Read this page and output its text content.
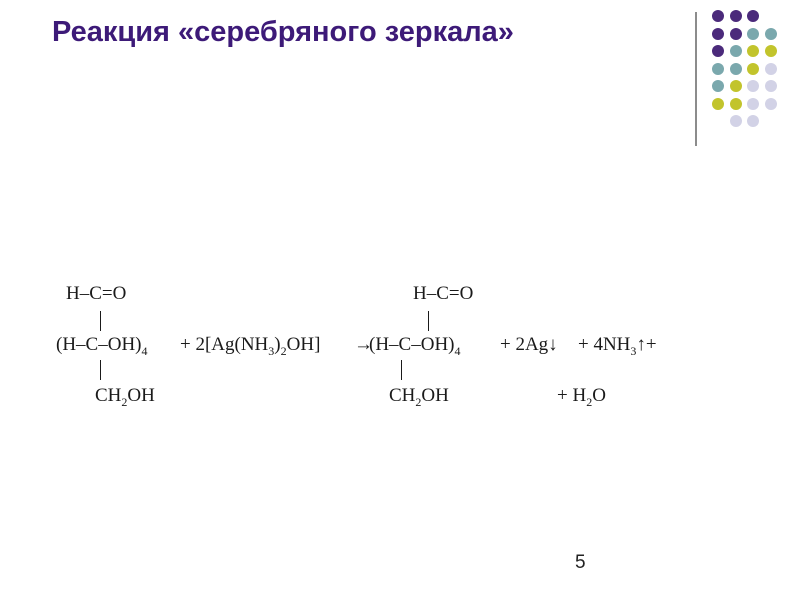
Реакция «серебряного зеркала»
H–C=O
$(H-C-OH)_4 + 2[Ag(NH_3)_2OH]$
$CH_2OH$
→
H–C=O
$(H-C-OH)_4$ + 2Ag↓ + $4NH_3↑+$
$CH_2OH$	+ $H_2O$
5
